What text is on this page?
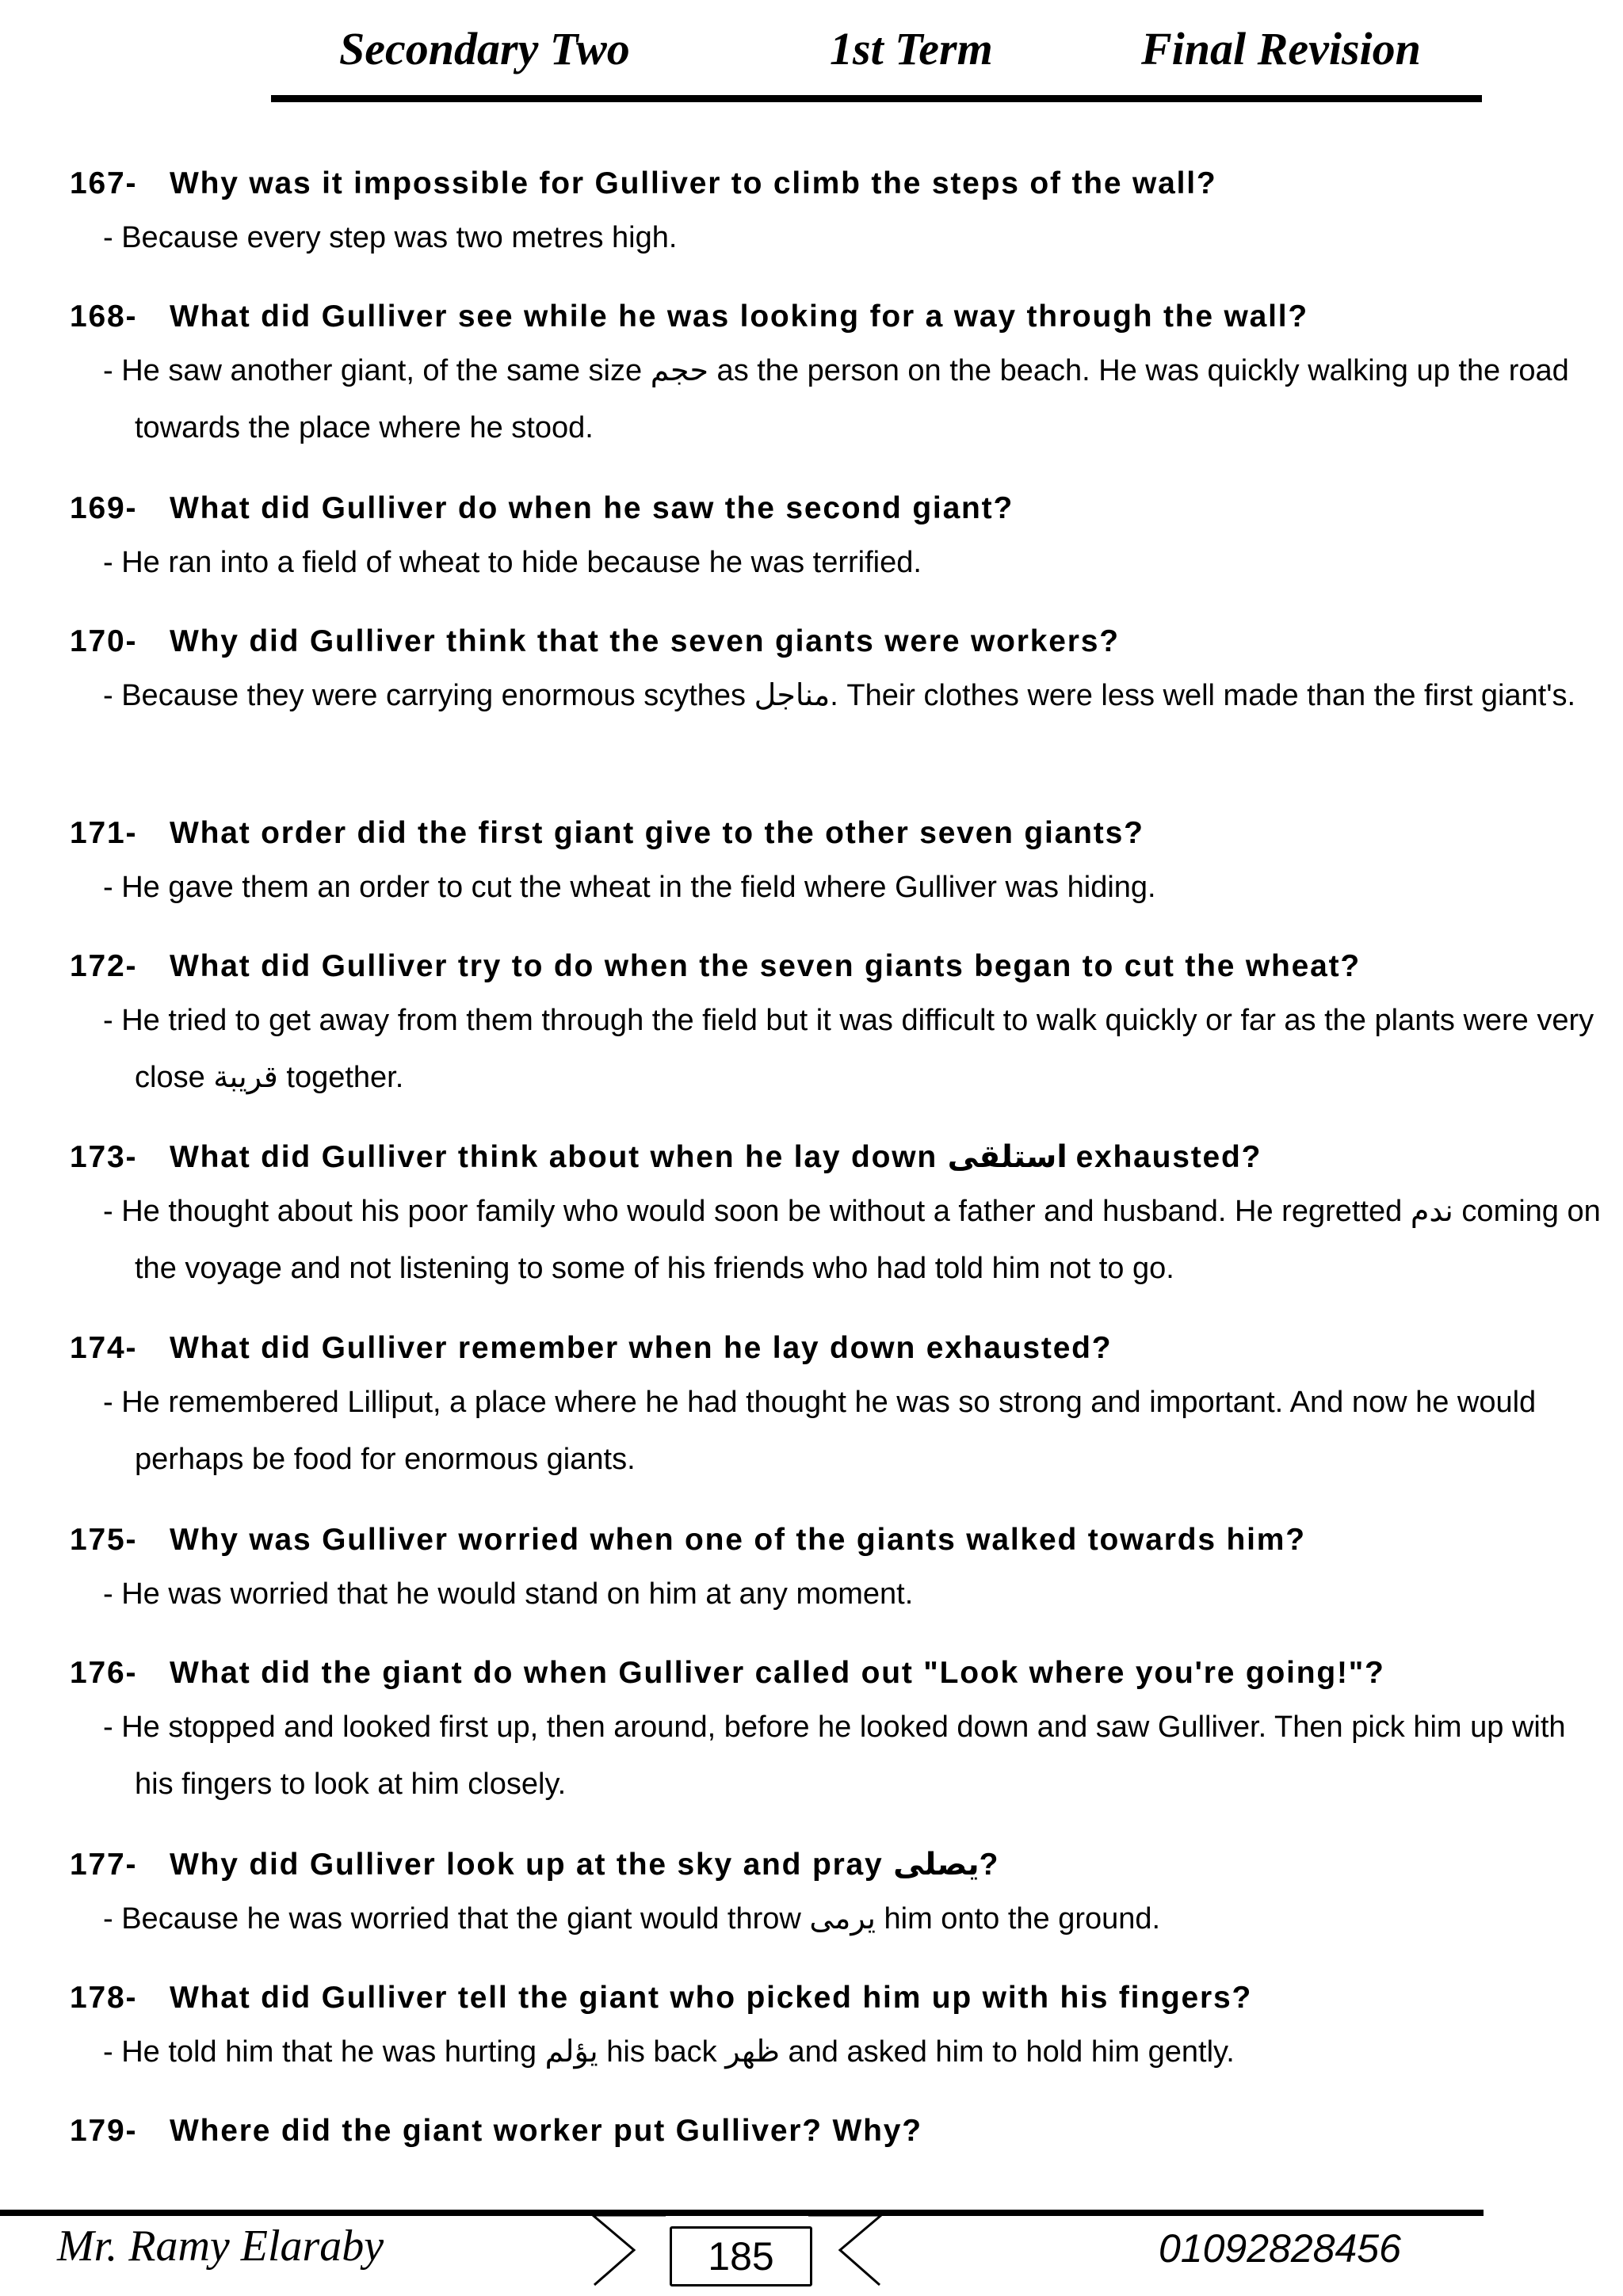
Secondary Two	1st Term	Final Revision
167-	Why was it impossible for Gulliver to climb the steps of the wall?
- Because every step was two metres high.
168-	What did Gulliver see while he was looking for a way through the wall?
- He saw another giant, of the same size حجم as the person on the beach. He was quickly walking up the road towards the place where he stood.
169-	What did Gulliver do when he saw the second giant?
- He ran into a field of wheat to hide because he was terrified.
170-	Why did Gulliver think that the seven giants were workers?
- Because they were carrying enormous scythes مناجل. Their clothes were less well made than the first giant's.
171-	What order did the first giant give to the other seven giants?
- He gave them an order to cut the wheat in the field where Gulliver was hiding.
172-	What did Gulliver try to do when the seven giants began to cut the wheat?
- He tried to get away from them through the field but it was difficult to walk quickly or far as the plants were very close قريبة together.
173-	What did Gulliver think about when he lay down استلقى exhausted?
- He thought about his poor family who would soon be without a father and husband. He regretted ندم coming on the voyage and not listening to some of his friends who had told him not to go.
174-	What did Gulliver remember when he lay down exhausted?
- He remembered Lilliput, a place where he had thought he was so strong and important. And now he would perhaps be food for enormous giants.
175-	Why was Gulliver worried when one of the giants walked towards him?
- He was worried that he would stand on him at any moment.
176-	What did the giant do when Gulliver called out "Look where you're going!"?
- He stopped and looked first up, then around, before he looked down and saw Gulliver. Then pick him up with his fingers to look at him closely.
177-	Why did Gulliver look up at the sky and pray يصلى?
- Because he was worried that the giant would throw يرمى him onto the ground.
178-	What did Gulliver tell the giant who picked him up with his fingers?
- He told him that he was hurting يؤلم his back ظهر and asked him to hold him gently.
179-	Where did the giant worker put Gulliver? Why?
185
Mr. Ramy Elaraby	01092828456
